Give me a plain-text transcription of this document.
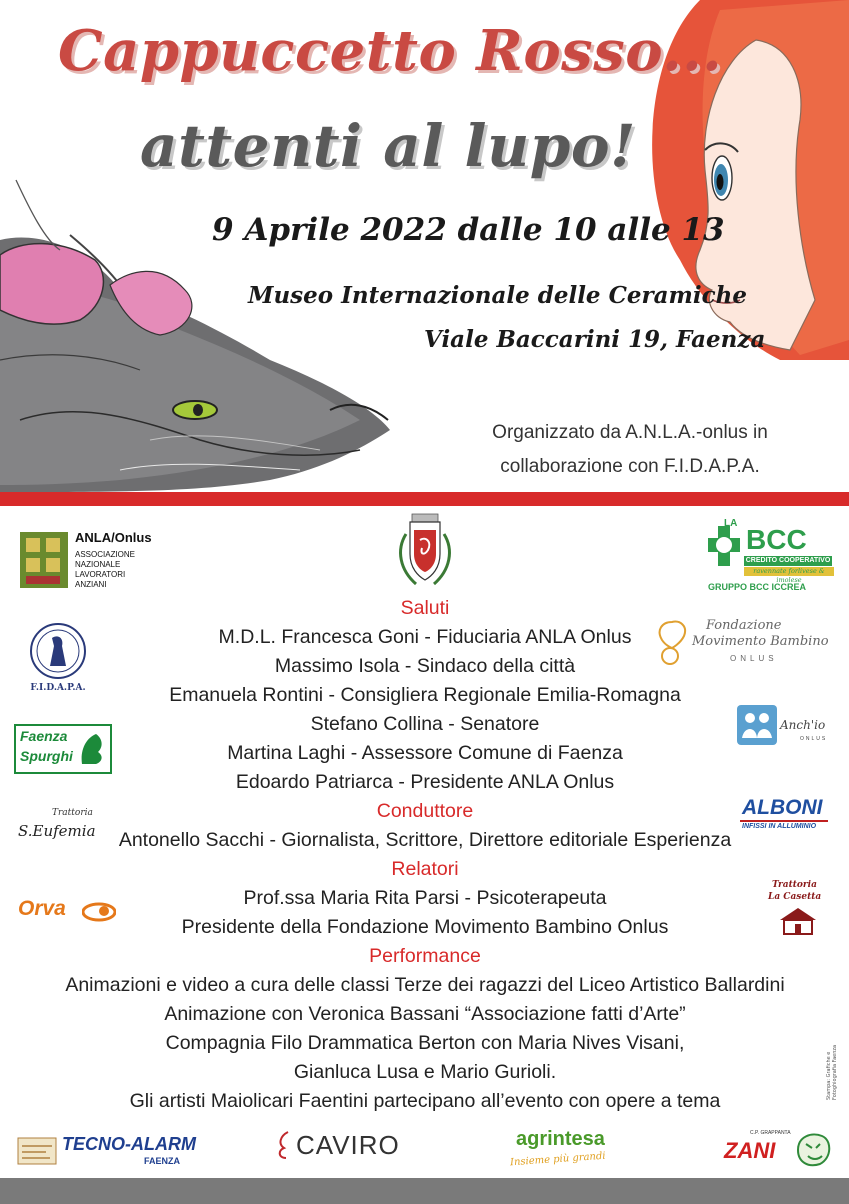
Cappuccetto Rosso...
attenti al lupo!
9 Aprile 2022 dalle 10 alle 13
Museo Internazionale delle Ceramiche
Viale Baccarini 19, Faenza
Organizzato da A.N.L.A.-onlus in
collaborazione con F.I.D.A.P.A.
ANLA/Onlus
ASSOCIAZIONE
NAZIONALE
LAVORATORI
ANZIANI
F.I.D.A.P.A.
Faenza
Spurghi
Trattoria
S.Eufemia
Orva
LA
BCC
CREDITO COOPERATIVO
ravennate forlivese & imolese
GRUPPO BCC ICCREA
Fondazione
Movimento Bambino
ONLUS
Anch'io
ONLUS
ALBONI
INFISSI IN ALLUMINIO
Trattoria
La Casetta
Saluti
M.D.L. Francesca Goni - Fiduciaria ANLA Onlus
Massimo Isola - Sindaco della città
Emanuela Rontini - Consigliera Regionale Emilia-Romagna
Stefano Collina - Senatore
Martina Laghi - Assessore Comune di Faenza
Edoardo Patriarca - Presidente ANLA Onlus
Conduttore
Antonello Sacchi - Giornalista, Scrittore, Direttore editoriale Esperienza
Relatori
Prof.ssa Maria Rita Parsi - Psicoterapeuta
Presidente della Fondazione Movimento Bambino Onlus
Performance
Animazioni e video a cura delle classi Terze dei ragazzi del Liceo Artistico Ballardini
Animazione con Veronica Bassani “Associazione fatti d’Arte”
Compagnia Filo Drammatica Berton con Maria Nives Visani,
Gianluca Lusa e Mario Gurioli.
Gli artisti Maiolicari Faentini partecipano all’evento con opere a tema
Stampa: Grafiche e Fotoghiografia Faenza
TECNO-ALARM
FAENZA
CAVIRO	agrintesa
Insieme più grandi
C.P. GRAPPANTA
ZANI
